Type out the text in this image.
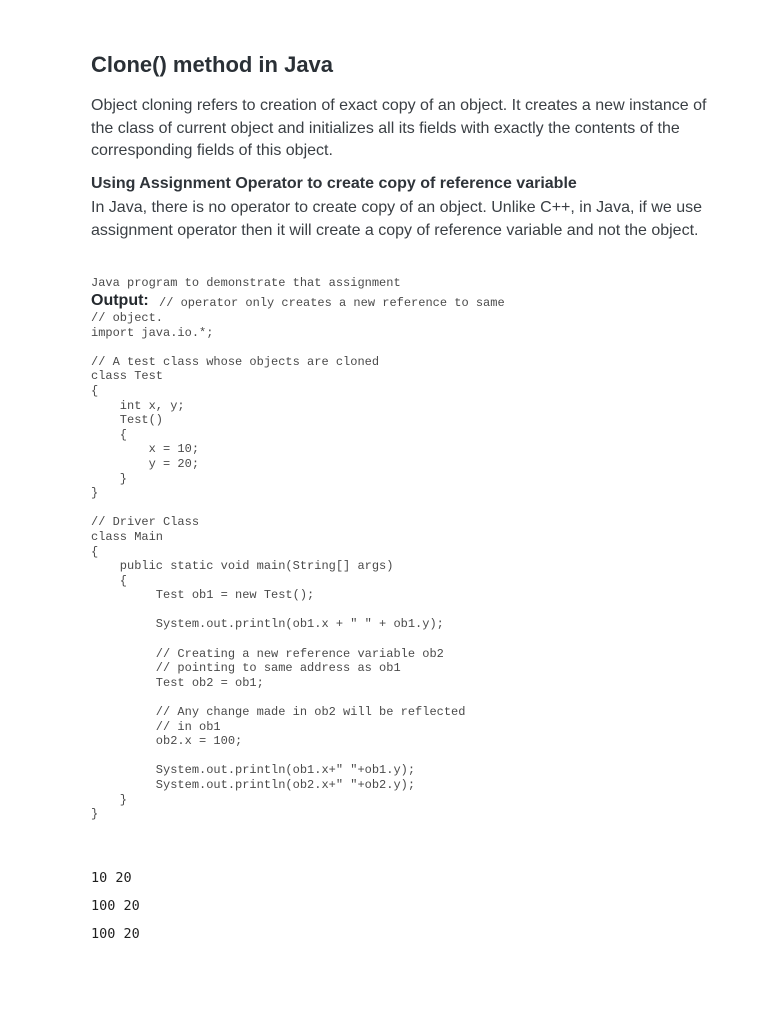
Clone() method in Java

Object cloning refers to creation of exact copy of an object. It creates a new instance of the class of current object and initializes all its fields with exactly the contents of the corresponding fields of this object.

Using Assignment Operator to create copy of reference variable

In Java, there is no operator to create copy of an object. Unlike C++, in Java, if we use assignment operator then it will create a copy of reference variable and not the object.

Java program to demonstrate that assignment
Output: // operator only creates a new reference to same
// object.
import java.io.*;

// A test class whose objects are cloned
class Test
{
int x, y;
Test()
{
x = 10;
y = 20;
}
}

// Driver Class
class Main
{
public static void main(String[] args)
{
Test ob1 = new Test();

System.out.println(ob1.x + " " + ob1.y);

// Creating a new reference variable ob2
// pointing to same address as ob1
Test ob2 = ob1;

// Any change made in ob2 will be reflected
// in ob1
ob2.x = 100;

System.out.println(ob1.x+" "+ob1.y);
System.out.println(ob2.x+" "+ob2.y);
}
}
10 20
100 20
100 20
